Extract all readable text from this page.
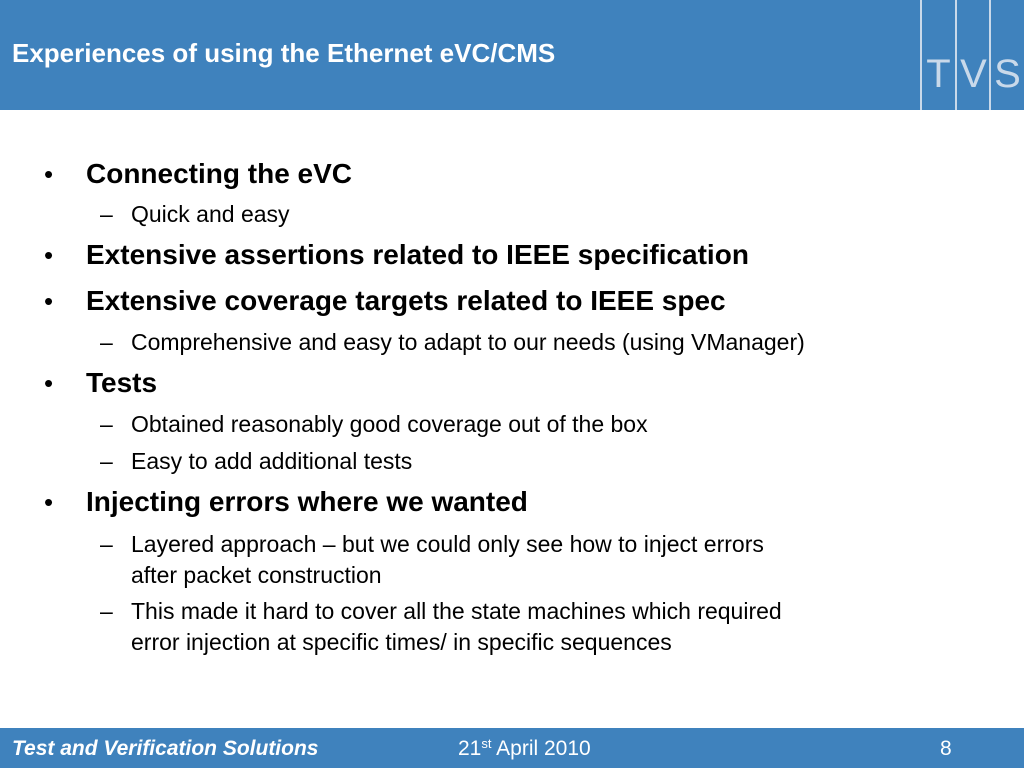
Experiences of using the Ethernet eVC/CMS	T V S
• Connecting the eVC
– Quick and easy
• Extensive assertions related to IEEE specification
• Extensive coverage targets related to IEEE spec
– Comprehensive and easy to adapt to our needs (using VManager)
• Tests
– Obtained reasonably good coverage out of the box
– Easy to add additional tests
• Injecting errors where we wanted
– Layered approach – but we could only see how to inject errors
after packet construction
– This made it hard to cover all the state machines which required
error injection at specific times/ in specific sequences
Test and Verification Solutions	21st April 2010	8
